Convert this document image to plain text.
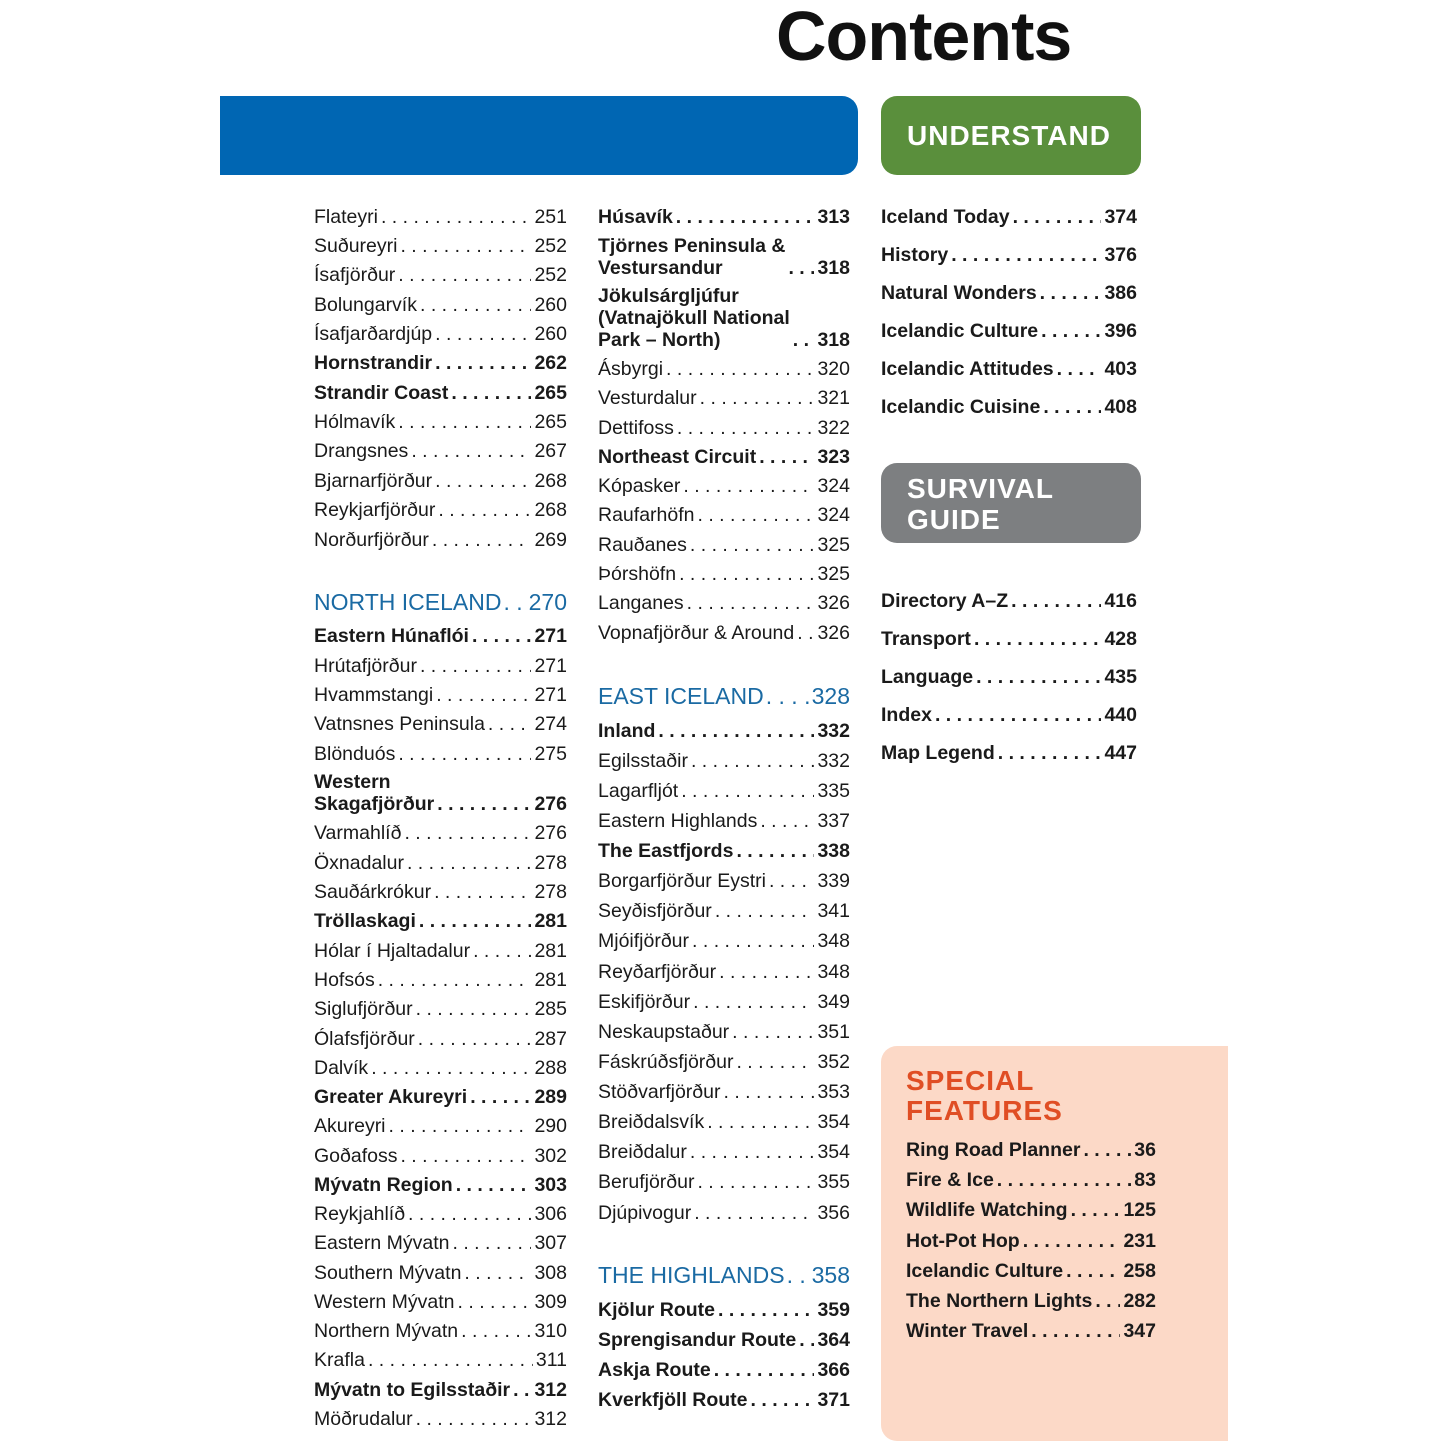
Contents
UNDERSTAND
SURVIVAL
GUIDE
SPECIAL
FEATURES
Flateyri . . .	251
Suðureyri . . .	252
Ísafjörður . . .	252
Bolungarvík . . .	260
Ísafjarðardjúp . . .	260
Hornstrandir . . .	262
Strandir Coast . . .	265
Hólmavík . . .	265
Drangsnes . . .	267
Bjarnarfjörður . . .	268
Reykjarfjörður . . .	268
Norðurfjörður . . .	269
NORTH ICELAND . . . 270
Eastern Húnaflói . . .	271
Hrútafjörður . . .	271
Hvammstangi . . .	271
Vatnsnes Peninsula . . .	274
Blönduós . . .	275
Western
Skagafjörður . . .	276
Varmahlíð . . .	276
Öxnadalur . . .	278
Sauðárkrókur . . .	278
Tröllaskagi . . .	281
Hólar í Hjaltadalur . . .	281
Hofsós . . .	281
Siglufjörður . . .	285
Ólafsfjörður . . .	287
Dalvík . . .	288
Greater Akureyri . . .	289
Akureyri . . .	290
Goðafoss . . .	302
Mývatn Region . . .	303
Reykjahlíð . . .	306
Eastern Mývatn . . .	307
Southern Mývatn . . .	308
Western Mývatn . . .	309
Northern Mývatn . . .	310
Krafla . . .	311
Mývatn to Egilsstaðir . . . 312
Möðrudalur . . .	312
Húsavík . . .	313
Tjörnes Peninsula &
Vestursandur . . .	318
Jökulsárgljúfur
(Vatnajökull National
Park – North) . . .	318
Ásbyrgi . . .	320
Vesturdalur . . .	321
Dettifoss . . .	322
Northeast Circuit . . .	323
Kópasker . . .	324
Raufarhöfn . . .	324
Rauðanes . . .	325
Þórshöfn . . .	325
Langanes . . .	326
Vopnafjörður & Around . . . 326
EAST ICELAND . . . 328
Inland . . .	332
Egilsstaðir . . .	332
Lagarfljót . . .	335
Eastern Highlands . . .	337
The Eastfjords . . .	338
Borgarfjörður Eystri . . .	339
Seyðisfjörður . . .	341
Mjóifjörður . . .	348
Reyðarfjörður . . .	348
Eskifjörður . . .	349
Neskaupstaður . . .	351
Fáskrúðsfjörður . . .	352
Stöðvarfjörður . . .	353
Breiðdalsvík . . .	354
Breiðdalur . . .	354
Berufjörður . . .	355
Djúpivogur . . .	356
THE HIGHLANDS . . . 358
Kjölur Route . . .	359
Sprengisandur Route . . . 364
Askja Route . . .	366
Kverkfjöll Route . . .	371
Iceland Today . . .	374
History . . .	376
Natural Wonders . . .	386
Icelandic Culture . . .	396
Icelandic Attitudes . . .	403
Icelandic Cuisine . . .	408
Directory A–Z . . .	416
Transport . . .	428
Language . . .	435
Index . . .	440
Map Legend . . .	447
Ring Road Planner . . .	36
Fire & Ice . . .	83
Wildlife Watching . . .	125
Hot-Pot Hop . . .	231
Icelandic Culture . . .	258
The Northern Lights . . . 282
Winter Travel . . .	347
